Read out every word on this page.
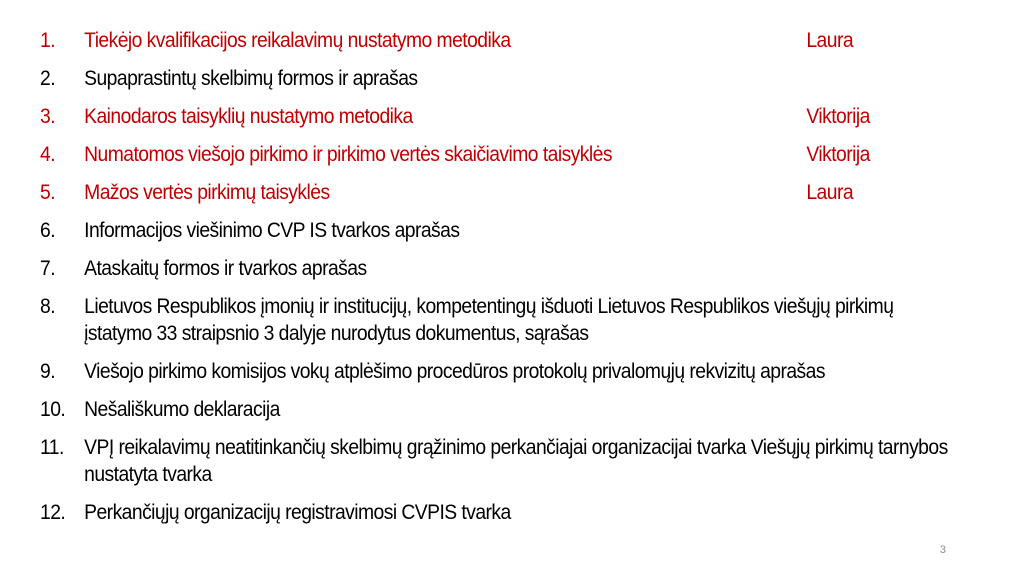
1. Tiekėjo kvalifikacijos reikalavimų nustatymo metodika	Laura
2. Supaprastintų skelbimų formos ir aprašas
3. Kainodaros taisyklių nustatymo metodika	Viktorija
4. Numatomos viešojo pirkimo ir pirkimo vertės skaičiavimo taisyklės	Viktorija
5. Mažos vertės pirkimų taisyklės	Laura
6. Informacijos viešinimo CVP IS tvarkos aprašas
7. Ataskaitų formos ir tvarkos aprašas
8. Lietuvos Respublikos įmonių ir institucijų, kompetentingų išduoti Lietuvos Respublikos viešųjų pirkimų įstatymo 33 straipsnio 3 dalyje nurodytus dokumentus, sąrašas
9. Viešojo pirkimo komisijos vokų atplėšimo procedūros protokolų privalomųjų rekvizitų aprašas
10. Nešališkumo deklaracija
11. VPĮ reikalavimų neatitinkančių skelbimų grąžinimo perkančiajai organizacijai tvarka Viešųjų pirkimų tarnybos nustatyta tvarka
12. Perkančiųjų organizacijų registravimosi CVPIS tvarka
3
